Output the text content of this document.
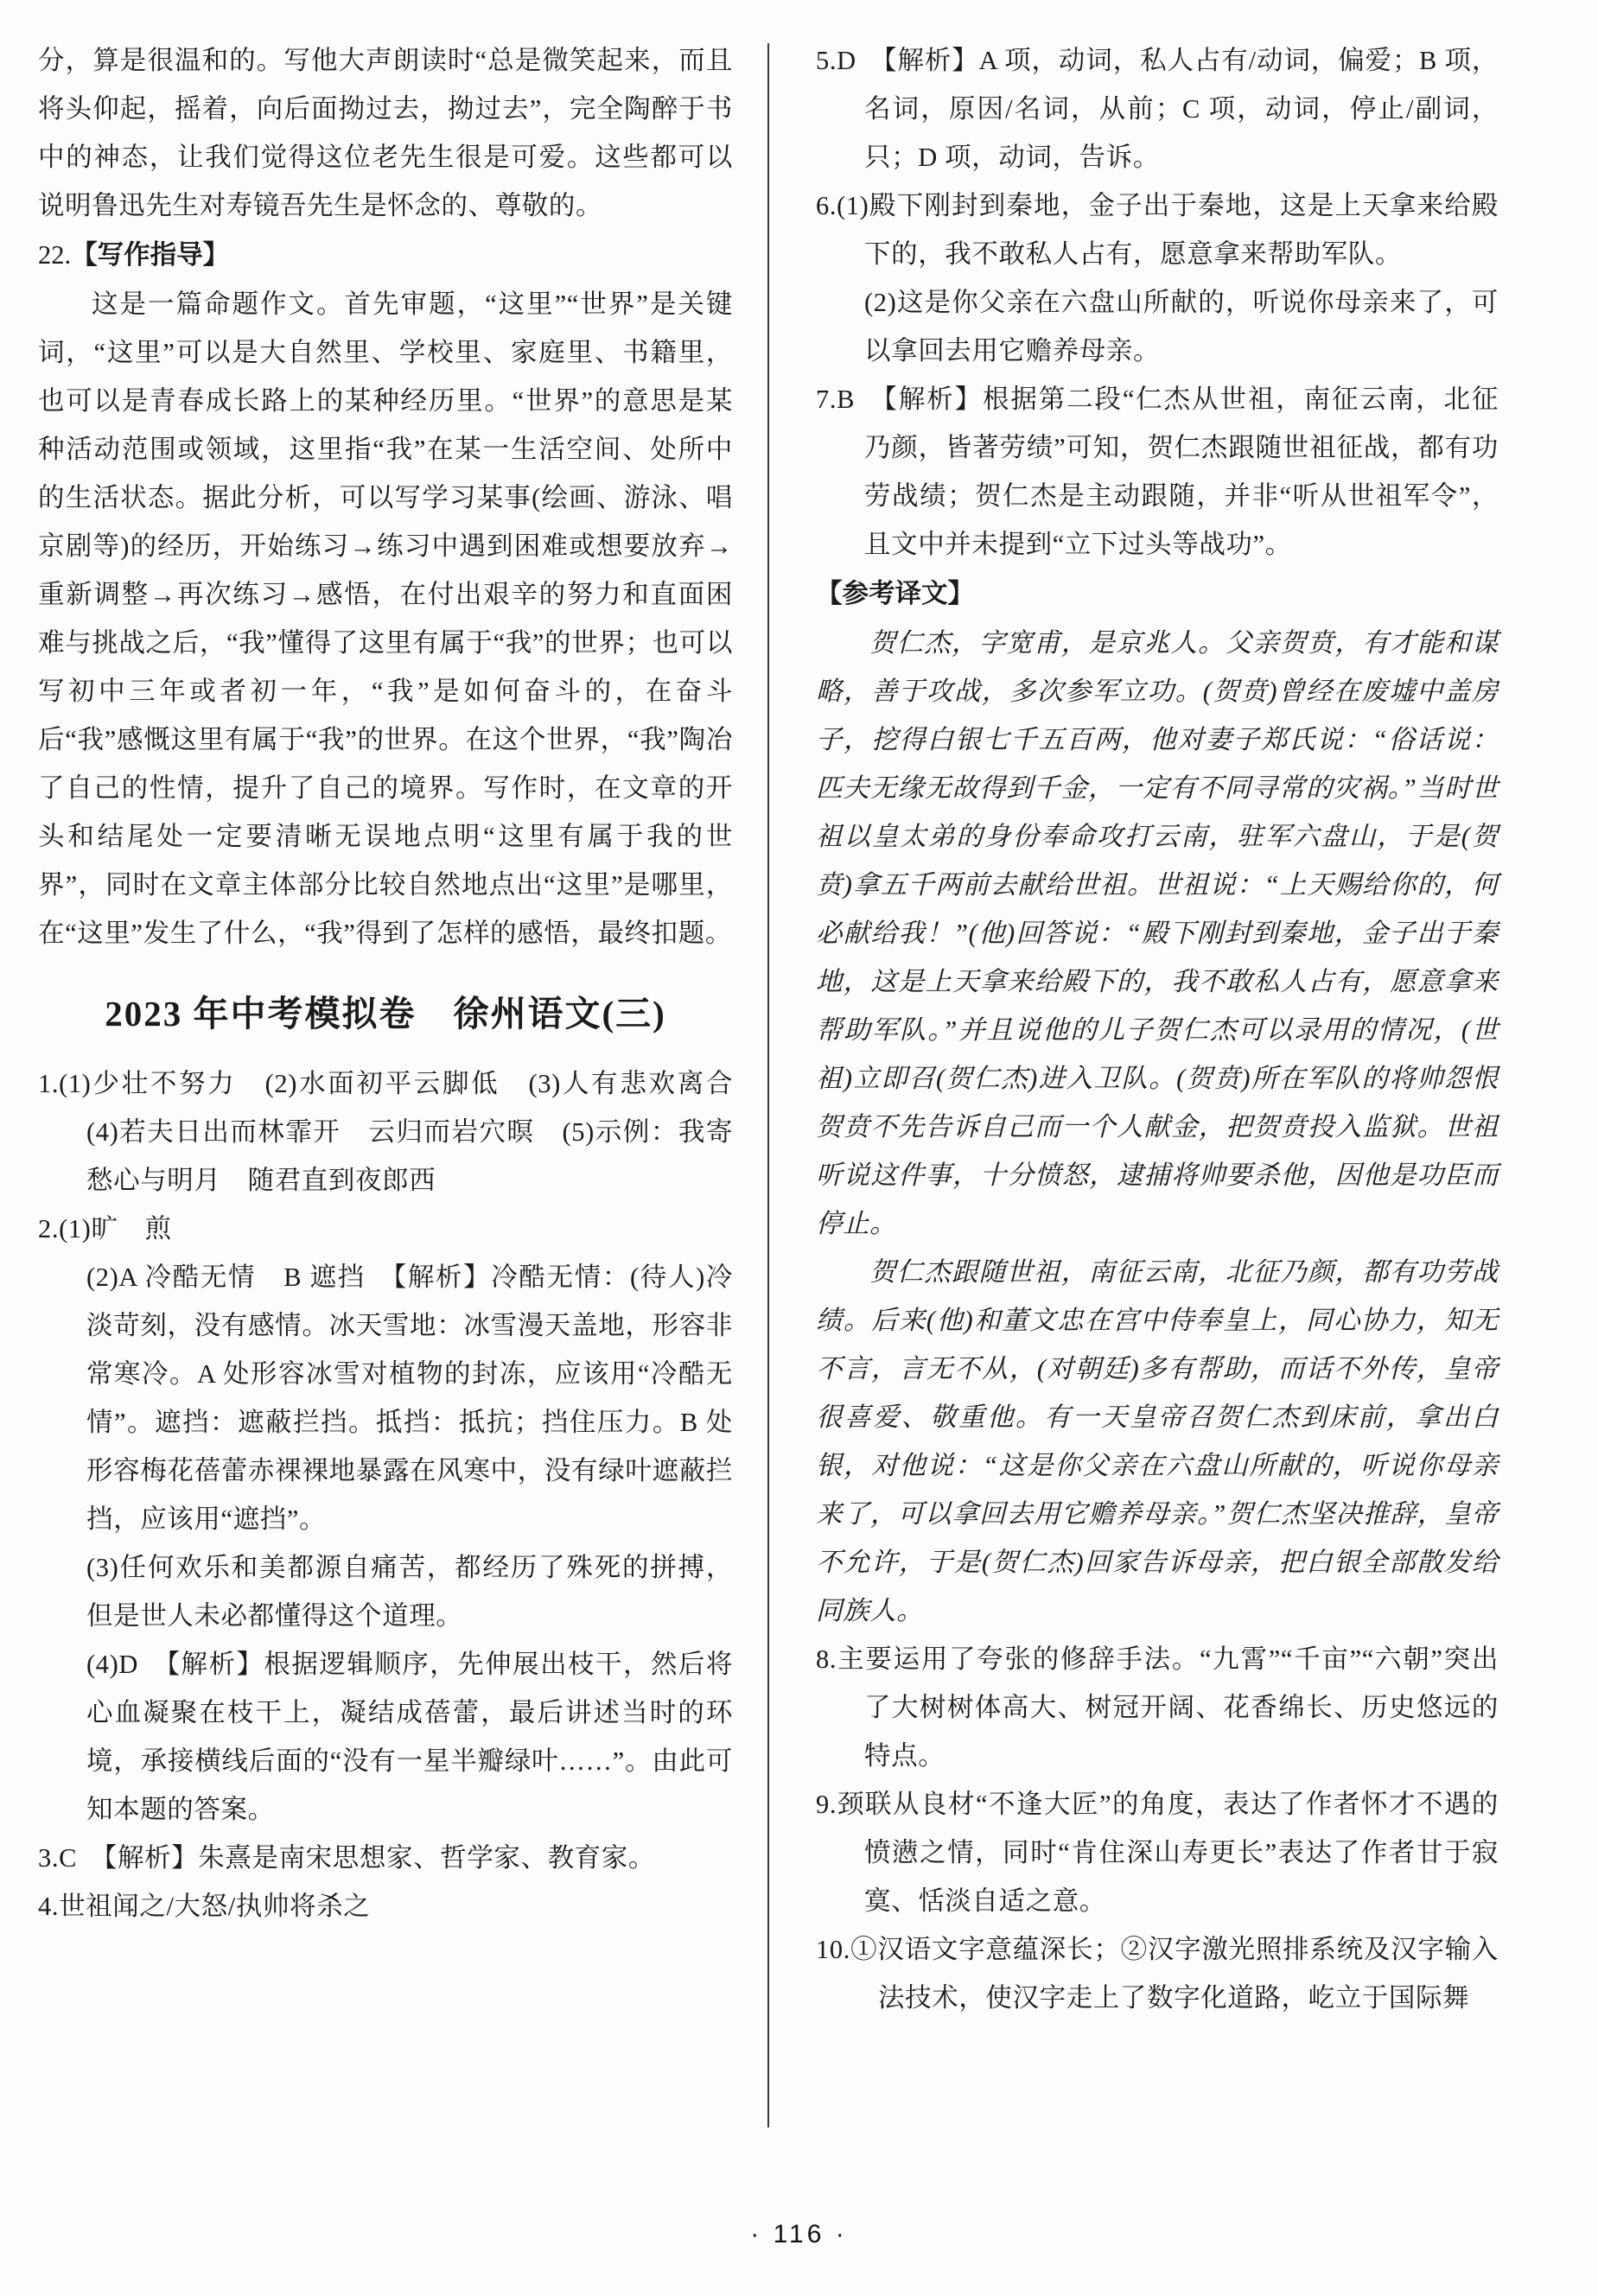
分，算是很温和的。写他大声朗读时“总是微笑起来，而且将头仰起，摇着，向后面拗过去，拗过去”，完全陶醉于书中的神态，让我们觉得这位老先生很是可爱。这些都可以说明鲁迅先生对寿镜吾先生是怀念的、尊敬的。

22.【写作指导】

这是一篇命题作文。首先审题，“这里”“世界”是关键词，“这里”可以是大自然里、学校里、家庭里、书籍里，也可以是青春成长路上的某种经历里。“世界”的意思是某种活动范围或领域，这里指“我”在某一生活空间、处所中的生活状态。据此分析，可以写学习某事(绘画、游泳、唱京剧等)的经历，开始练习→练习中遇到困难或想要放弃→重新调整→再次练习→感悟，在付出艰辛的努力和直面困难与挑战之后，“我”懂得了这里有属于“我”的世界；也可以写初中三年或者初一年，“我”是如何奋斗的，在奋斗后“我”感慨这里有属于“我”的世界。在这个世界，“我”陶冶了自己的性情，提升了自己的境界。写作时，在文章的开头和结尾处一定要清晰无误地点明“这里有属于我的世界”，同时在文章主体部分比较自然地点出“这里”是哪里，在“这里”发生了什么，“我”得到了怎样的感悟，最终扣题。

2023 年中考模拟卷　徐州语文(三)

1.(1)少壮不努力　(2)水面初平云脚低　(3)人有悲欢离合　(4)若夫日出而林霏开　云归而岩穴暝　(5)示例：我寄愁心与明月　随君直到夜郎西

2.(1)旷　煎

(2)A 冷酷无情　B 遮挡　【解析】冷酷无情：(待人)冷淡苛刻，没有感情。冰天雪地：冰雪漫天盖地，形容非常寒冷。A 处形容冰雪对植物的封冻，应该用“冷酷无情”。遮挡：遮蔽拦挡。抵挡：抵抗；挡住压力。B 处形容梅花蓓蕾赤裸裸地暴露在风寒中，没有绿叶遮蔽拦挡，应该用“遮挡”。

(3)任何欢乐和美都源自痛苦，都经历了殊死的拼搏，但是世人未必都懂得这个道理。

(4)D　【解析】根据逻辑顺序，先伸展出枝干，然后将心血凝聚在枝干上，凝结成蓓蕾，最后讲述当时的环境，承接横线后面的“没有一星半瓣绿叶……”。由此可知本题的答案。

3.C　【解析】朱熹是南宋思想家、哲学家、教育家。

4.世祖闻之/大怒/执帅将杀之

5.D　【解析】A 项，动词，私人占有/动词，偏爱；B 项，名词，原因/名词，从前；C 项，动词，停止/副词，只；D 项，动词，告诉。

6.(1)殿下刚封到秦地，金子出于秦地，这是上天拿来给殿下的，我不敢私人占有，愿意拿来帮助军队。

(2)这是你父亲在六盘山所献的，听说你母亲来了，可以拿回去用它赡养母亲。

7.B　【解析】根据第二段“仁杰从世祖，南征云南，北征乃颜，皆著劳绩”可知，贺仁杰跟随世祖征战，都有功劳战绩；贺仁杰是主动跟随，并非“听从世祖军令”，且文中并未提到“立下过头等战功”。

【参考译文】

贺仁杰，字宽甫，是京兆人。父亲贺贲，有才能和谋略，善于攻战，多次参军立功。(贺贲)曾经在废墟中盖房子，挖得白银七千五百两，他对妻子郑氏说：“俗话说：匹夫无缘无故得到千金，一定有不同寻常的灾祸。”当时世祖以皇太弟的身份奉命攻打云南，驻军六盘山，于是(贺贲)拿五千两前去献给世祖。世祖说：“上天赐给你的，何必献给我！”(他)回答说：“殿下刚封到秦地，金子出于秦地，这是上天拿来给殿下的，我不敢私人占有，愿意拿来帮助军队。”并且说他的儿子贺仁杰可以录用的情况，(世祖)立即召(贺仁杰)进入卫队。(贺贲)所在军队的将帅怨恨贺贲不先告诉自己而一个人献金，把贺贲投入监狱。世祖听说这件事，十分愤怒，逮捕将帅要杀他，因他是功臣而停止。

贺仁杰跟随世祖，南征云南，北征乃颜，都有功劳战绩。后来(他)和董文忠在宫中侍奉皇上，同心协力，知无不言，言无不从，(对朝廷)多有帮助，而话不外传，皇帝很喜爱、敬重他。有一天皇帝召贺仁杰到床前，拿出白银，对他说：“这是你父亲在六盘山所献的，听说你母亲来了，可以拿回去用它赡养母亲。”贺仁杰坚决推辞，皇帝不允许，于是(贺仁杰)回家告诉母亲，把白银全部散发给同族人。

8.主要运用了夸张的修辞手法。“九霄”“千亩”“六朝”突出了大树树体高大、树冠开阔、花香绵长、历史悠远的特点。

9.颈联从良材“不逢大匠”的角度，表达了作者怀才不遇的愤懑之情，同时“肯住深山寿更长”表达了作者甘于寂寞、恬淡自适之意。

10.①汉语文字意蕴深长；②汉字激光照排系统及汉字输入法技术，使汉字走上了数字化道路，屹立于国际舞

· 116 ·
